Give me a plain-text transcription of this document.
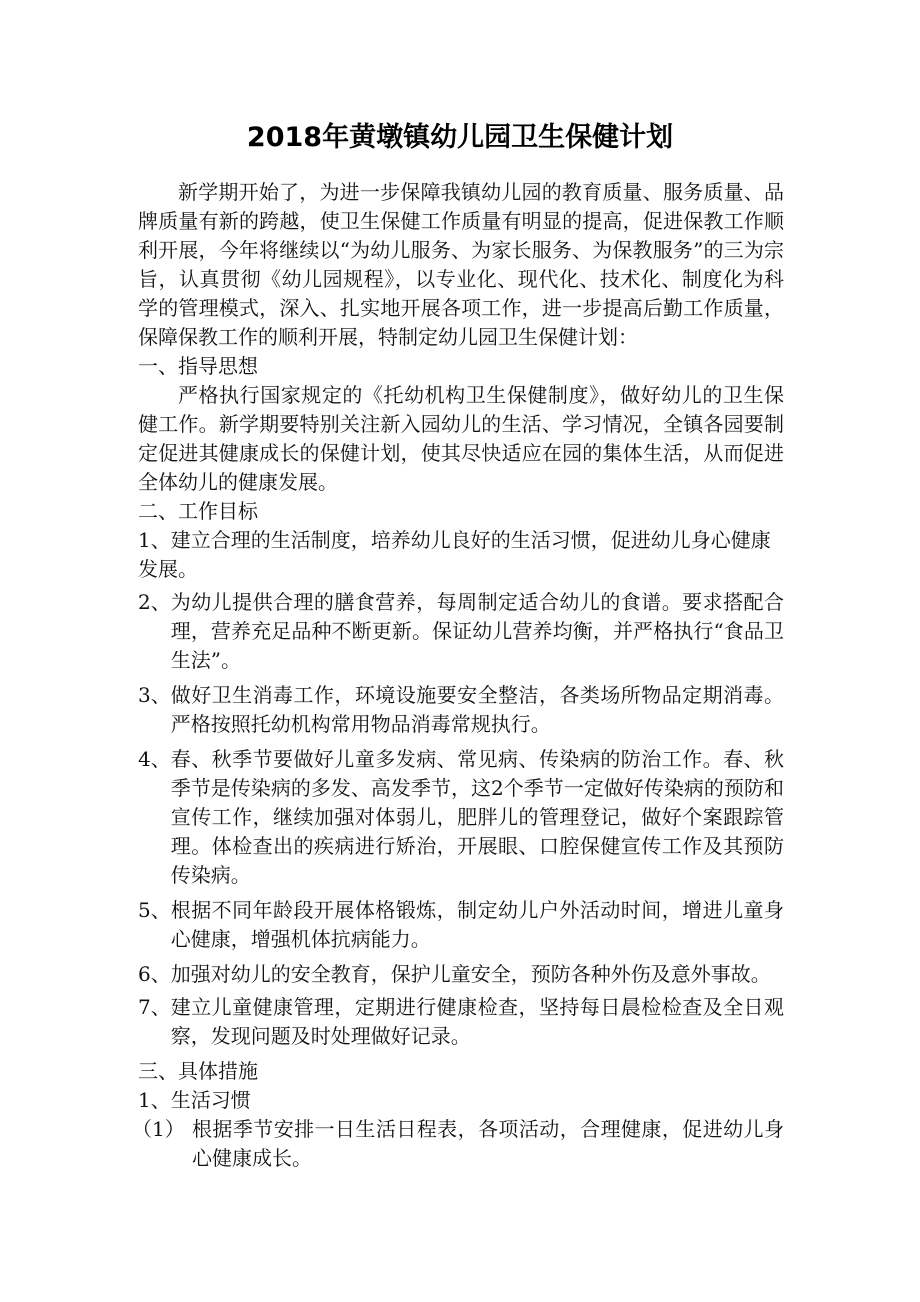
2018年黄墩镇幼儿园卫生保健计划

新学期开始了，为进一步保障我镇幼儿园的教育质量、服务质量、品牌质量有新的跨越，使卫生保健工作质量有明显的提高，促进保教工作顺利开展，今年将继续以“为幼儿服务、为家长服务、为保教服务”的三为宗旨，认真贯彻《幼儿园规程》，以专业化、现代化、技术化、制度化为科学的管理模式，深入、扎实地开展各项工作，进一步提高后勤工作质量，保障保教工作的顺利开展，特制定幼儿园卫生保健计划：

一、指导思想

严格执行国家规定的《托幼机构卫生保健制度》，做好幼儿的卫生保健工作。新学期要特别关注新入园幼儿的生活、学习情况，全镇各园要制定促进其健康成长的保健计划，使其尽快适应在园的集体生活，从而促进全体幼儿的健康发展。

二、工作目标

1、建立合理的生活制度，培养幼儿良好的生活习惯，促进幼儿身心健康发展。
2、 为幼儿提供合理的膳食营养，每周制定适合幼儿的食谱。要求搭配合理，营养充足品种不断更新。保证幼儿营养均衡，并严格执行“食品卫生法”。
3、 做好卫生消毒工作，环境设施要安全整洁，各类场所物品定期消毒。严格按照托幼机构常用物品消毒常规执行。
4、 春、秋季节要做好儿童多发病、常见病、传染病的防治工作。春、秋季节是传染病的多发、高发季节，这2个季节一定做好传染病的预防和宣传工作，继续加强对体弱儿，肥胖儿的管理登记，做好个案跟踪管理。体检查出的疾病进行矫治，开展眼、口腔保健宣传工作及其预防传染病。
5、 根据不同年龄段开展体格锻炼，制定幼儿户外活动时间，增进儿童身心健康，增强机体抗病能力。
6、加强对幼儿的安全教育，保护儿童安全，预防各种外伤及意外事故。
7、 建立儿童健康管理，定期进行健康检查，坚持每日晨检检查及全日观察，发现问题及时处理做好记录。

三、具体措施

1、生活习惯

（1） 根据季节安排一日生活日程表，各项活动，合理健康，促进幼儿身心健康成长。
